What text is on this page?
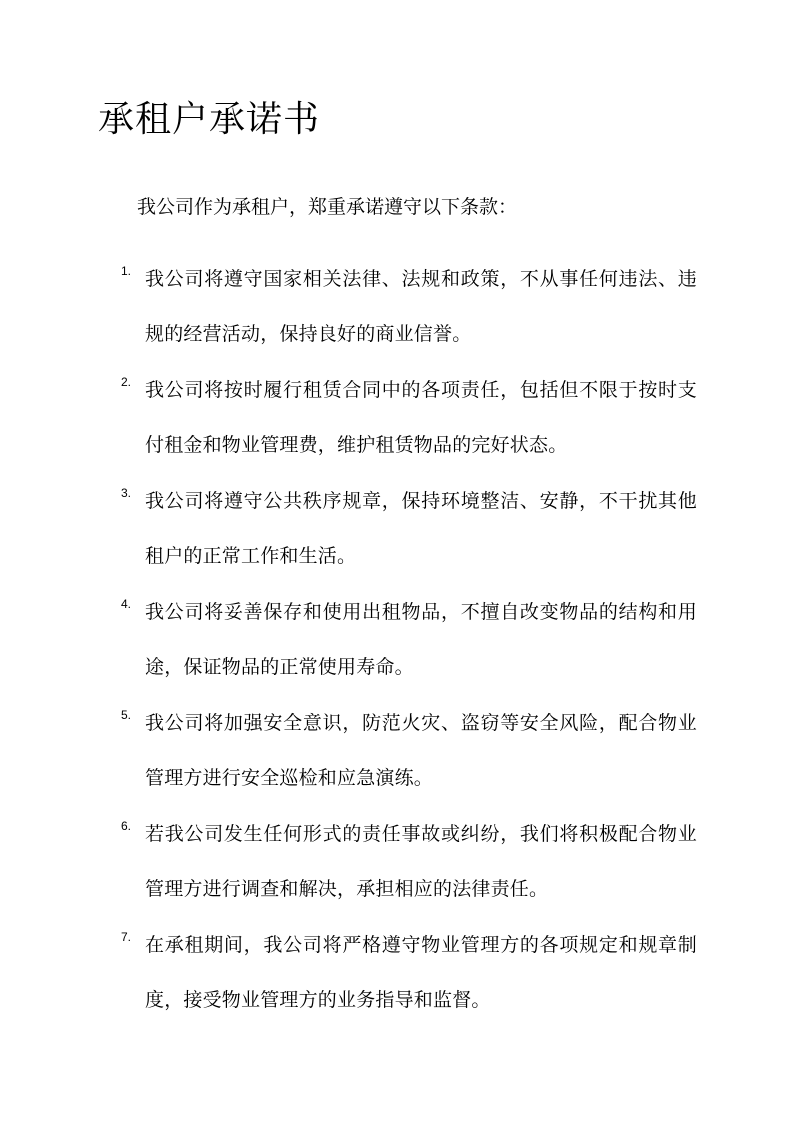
承租户承诺书

我公司作为承租户，郑重承诺遵守以下条款：

1. 我公司将遵守国家相关法律、法规和政策，不从事任何违法、违规的经营活动，保持良好的商业信誉。

2. 我公司将按时履行租赁合同中的各项责任，包括但不限于按时支付租金和物业管理费，维护租赁物品的完好状态。

3. 我公司将遵守公共秩序规章，保持环境整洁、安静，不干扰其他租户的正常工作和生活。

4. 我公司将妥善保存和使用出租物品，不擅自改变物品的结构和用途，保证物品的正常使用寿命。

5. 我公司将加强安全意识，防范火灾、盗窃等安全风险，配合物业管理方进行安全巡检和应急演练。

6. 若我公司发生任何形式的责任事故或纠纷，我们将积极配合物业管理方进行调查和解决，承担相应的法律责任。

7. 在承租期间，我公司将严格遵守物业管理方的各项规定和规章制度，接受物业管理方的业务指导和监督。
